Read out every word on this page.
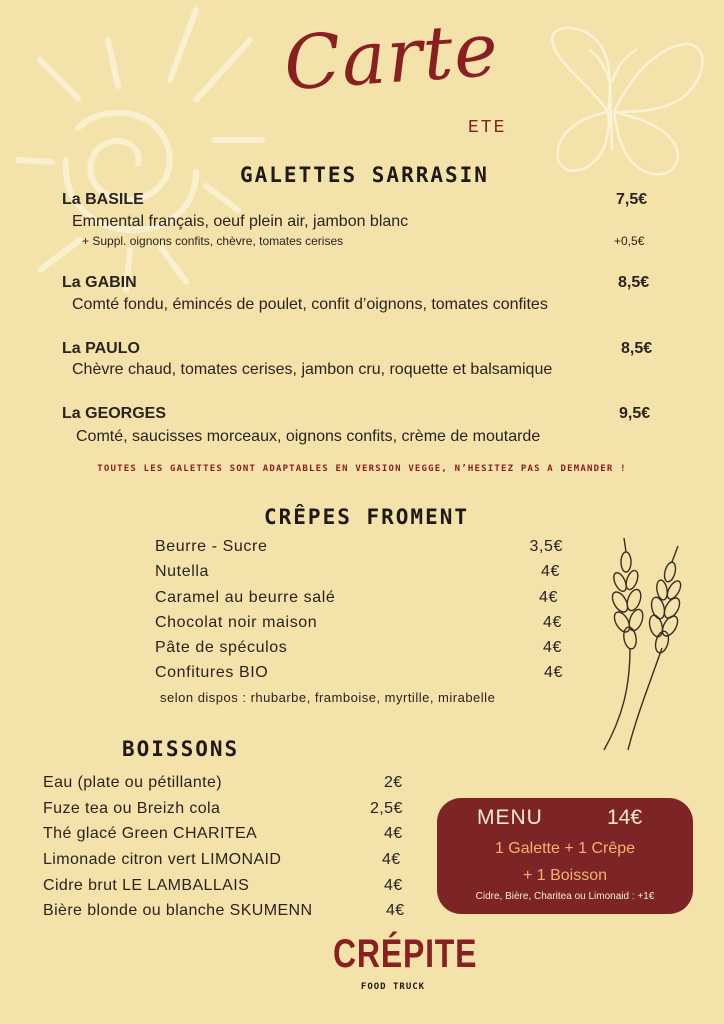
Carte
ETE
GALETTES SARRASIN
La BASILE	7,5€
Emmental français, oeuf plein air, jambon blanc
+ Suppl. oignons confits, chèvre, tomates cerises	+0,5€
La GABIN	8,5€
Comté fondu, émincés de poulet, confit d’oignons, tomates confites
La PAULO	8,5€
Chèvre chaud, tomates cerises, jambon cru, roquette et balsamique
La GEORGES	9,5€
Comté, saucisses morceaux, oignons confits, crème de moutarde
TOUTES LES GALETTES SONT ADAPTABLES EN VERSION VEGGE, N’HESITEZ PAS A DEMANDER !
CRÊPES FROMENT
Beurre - Sucre	3,5€
Nutella	4€
Caramel au beurre salé	4€
Chocolat noir maison	4€
Pâte de spéculos	4€
Confitures BIO	4€
selon dispos : rhubarbe, framboise, myrtille, mirabelle
BOISSONS
Eau (plate ou pétillante)	2€
Fuze tea ou Breizh cola	2,5€
Thé glacé Green CHARITEA	4€
Limonade citron vert LIMONAID	4€
Cidre brut LE LAMBALLAIS	4€
Bière blonde ou blanche SKUMENN	4€
MENU	14€
1 Galette + 1 Crêpe
+ 1 Boisson
Cidre, Bière, Charitea ou Limonaid : +1€
CRÉPITE
FOOD TRUCK
